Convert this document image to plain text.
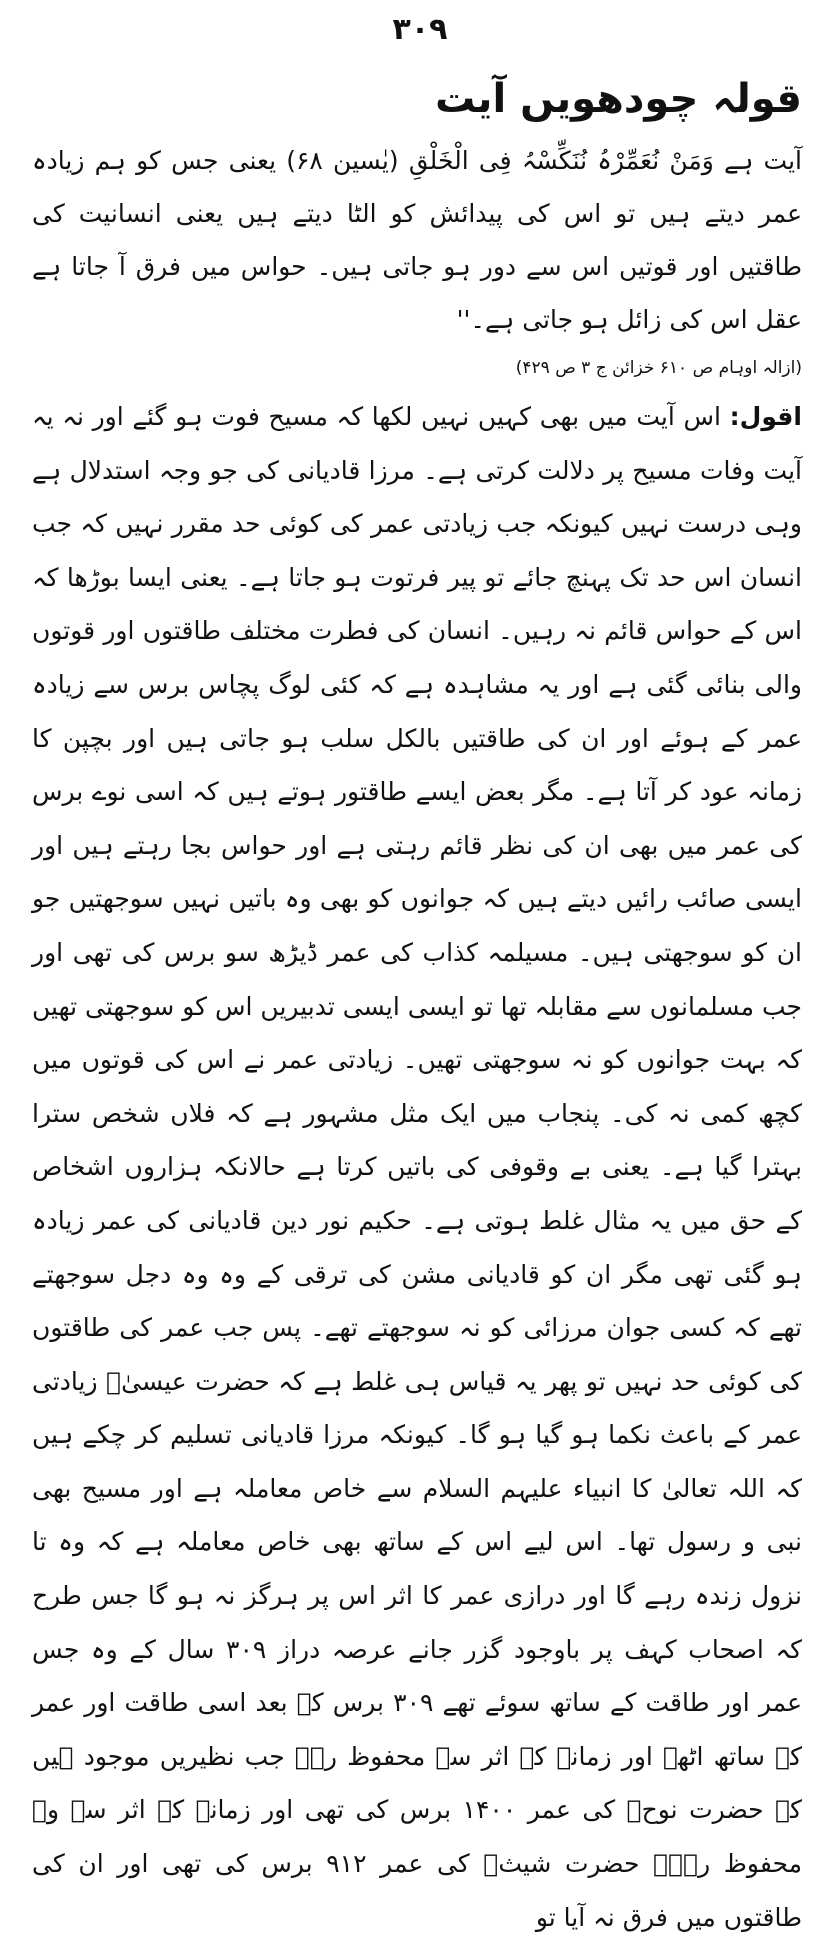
۳۰۹
قولہ چودھویں آیت

آیت ہے وَمَنْ نُعَمِّرْہُ نُنَکِّسْہُ فِی الْخَلْقِ (یٰسین ۶۸) یعنی جس کو ہم زیادہ عمر دیتے ہیں تو اس کی پیدائش کو الٹا دیتے ہیں یعنی انسانیت کی طاقتیں اور قوتیں اس سے دور ہو جاتی ہیں۔ حواس میں فرق آ جاتا ہے عقل اس کی زائل ہو جاتی ہے۔''

(ازالہ اوہام ص ۶۱۰ خزائن ج ۳ ص ۴۲۹)

اقول: اس آیت میں بھی کہیں نہیں لکھا کہ مسیح فوت ہو گئے اور نہ یہ آیت وفات مسیح پر دلالت کرتی ہے۔ مرزا قادیانی کی جو وجہ استدلال ہے وہی درست نہیں کیونکہ جب زیادتی عمر کی کوئی حد مقرر نہیں کہ جب انسان اس حد تک پہنچ جائے تو پیر فرتوت ہو جاتا ہے۔ یعنی ایسا بوڑھا کہ اس کے حواس قائم نہ رہیں۔ انسان کی فطرت مختلف طاقتوں اور قوتوں والی بنائی گئی ہے اور یہ مشاہدہ ہے کہ کئی لوگ پچاس برس سے زیادہ عمر کے ہوئے اور ان کی طاقتیں بالکل سلب ہو جاتی ہیں اور بچپن کا زمانہ عود کر آتا ہے۔ مگر بعض ایسے طاقتور ہوتے ہیں کہ اسی نوے برس کی عمر میں بھی ان کی نظر قائم رہتی ہے اور حواس بجا رہتے ہیں اور ایسی صائب رائیں دیتے ہیں کہ جوانوں کو بھی وہ باتیں نہیں سوجھتیں جو ان کو سوجھتی ہیں۔ مسیلمہ کذاب کی عمر ڈیڑھ سو برس کی تھی اور جب مسلمانوں سے مقابلہ تھا تو ایسی ایسی تدبیریں اس کو سوجھتی تھیں کہ بہت جوانوں کو نہ سوجھتی تھیں۔ زیادتی عمر نے اس کی قوتوں میں کچھ کمی نہ کی۔ پنجاب میں ایک مثل مشہور ہے کہ فلاں شخص سترا بہترا گیا ہے۔ یعنی بے وقوفی کی باتیں کرتا ہے حالانکہ ہزاروں اشخاص کے حق میں یہ مثال غلط ہوتی ہے۔ حکیم نور دین قادیانی کی عمر زیادہ ہو گئی تھی مگر ان کو قادیانی مشن کی ترقی کے وہ وہ دجل سوجھتے تھے کہ کسی جوان مرزائی کو نہ سوجھتے تھے۔ پس جب عمر کی طاقتوں کی کوئی حد نہیں تو پھر یہ قیاس ہی غلط ہے کہ حضرت عیسیٰؑ زیادتی عمر کے باعث نکما ہو گیا ہو گا۔ کیونکہ مرزا قادیانی تسلیم کر چکے ہیں کہ اللہ تعالیٰ کا انبیاء علیہم السلام سے خاص معاملہ ہے اور مسیح بھی نبی و رسول تھا۔ اس لیے اس کے ساتھ بھی خاص معاملہ ہے کہ وہ تا نزول زندہ رہے گا اور درازی عمر کا اثر اس پر ہرگز نہ ہو گا جس طرح کہ اصحاب کہف پر باوجود گزر جانے عرصہ دراز ۳۰۹ سال کے وہ جس عمر اور طاقت کے ساتھ سوئے تھے ۳۰۹ برس کے بعد اسی طاقت اور عمر کے ساتھ اٹھے اور زمانہ کے اثر سے محفوظ رہے جب نظیریں موجود ہیں کہ حضرت نوحؑ کی عمر ۱۴۰۰ برس کی تھی اور زمانہ کے اثر سے وہ محفوظ رہے۔ حضرت شیثؑ کی عمر ۹۱۲ برس کی تھی اور ان کی طاقتوں میں فرق نہ آیا تو
